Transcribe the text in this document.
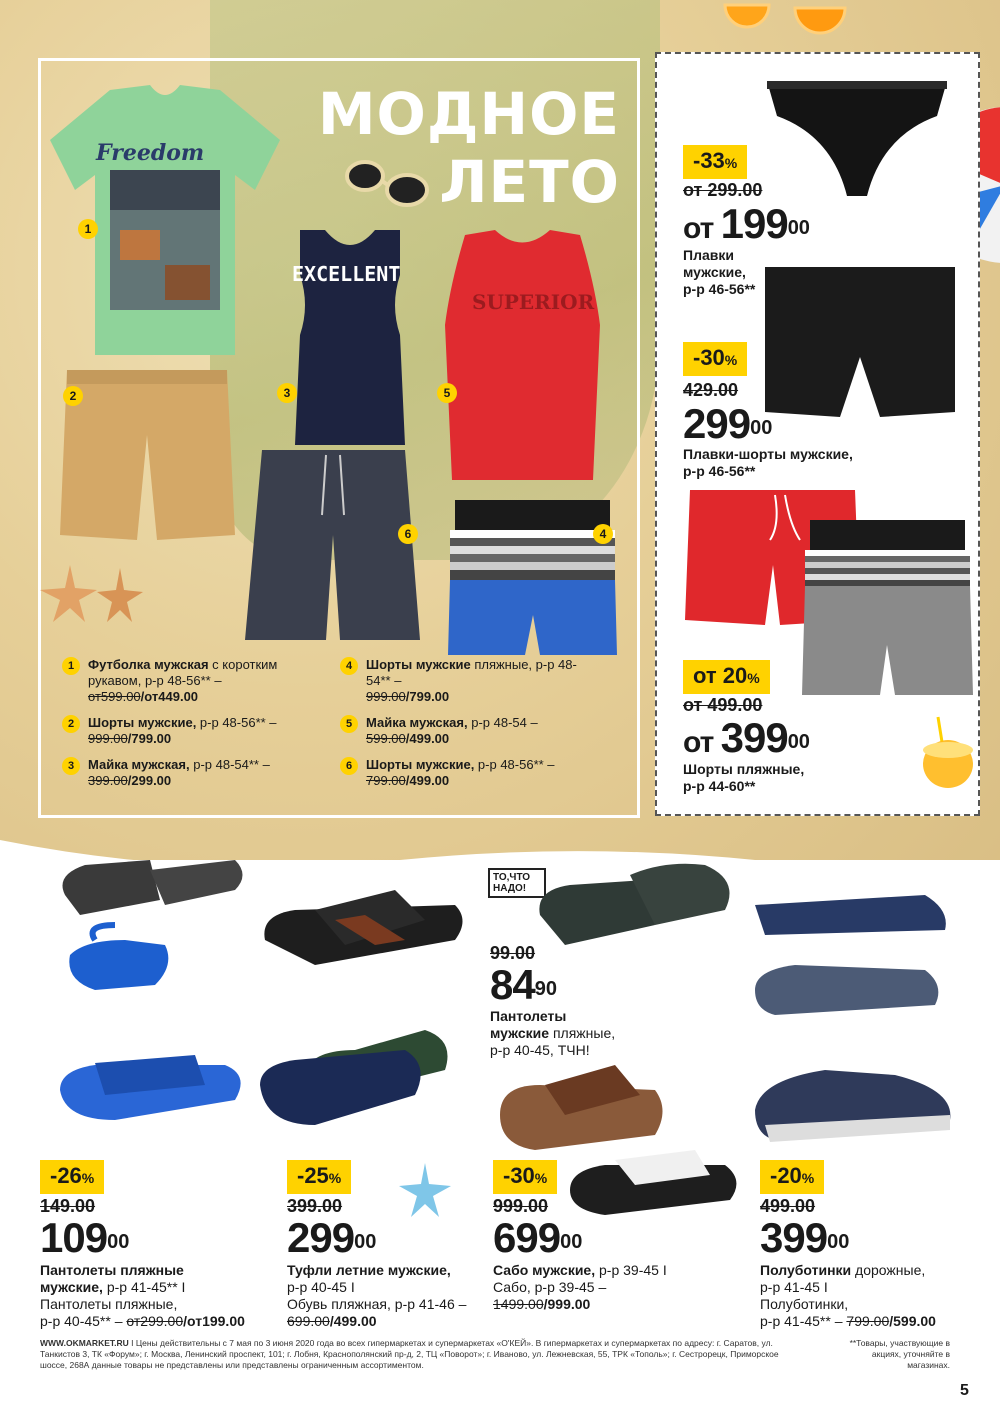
МОДНОЕ
ЛЕТО
Freedom
EXCELLENT
SUPERIOR
1
2	3
4
5
6
1	Футболка мужская с коротким рукавом, р-р 48-56** –
от599.00/от449.00
2	Шорты мужские, р-р 48-56** –
999.00/799.00
3	Майка мужская, р-р 48-54** –
399.00/299.00
4	Шорты мужские пляжные, р-р 48-54** –
999.00/799.00
5	Майка мужская, р-р 48-54 –
599.00/499.00
6	Шорты мужские, р-р 48-56** –
799.00/499.00
-33%
от 299.00
от $199^{00}$
Плавки
мужские,
р-р 46-56**
-30%
429.00
$299^{00}$
Плавки-шорты мужские,
р-р 46-56**
от 20%
от 499.00
от $399^{00}$
Шорты пляжные,
р-р 44-60**
ТО,ЧТО
НАДО!
99.00
$84^{90}$
Пантолеты
мужские пляжные,
р-р 40-45, ТЧН!
-26%
149.00
$109^{00}$
Пантолеты пляжные
мужские, р-р 41-45** І
Пантолеты пляжные,
р-р 40-45** – от299.00/от199.00
-25%
399.00
$299^{00}$
Туфли летние мужские,
р-р 40-45 І
Обувь пляжная, р-р 41-46 –
699.00/499.00
-30%
999.00
$699^{00}$
Сабо мужские, р-р 39-45 І
Сабо, р-р 39-45 –
1499.00/999.00
-20%
499.00
$399^{00}$
Полуботинки дорожные,
р-р 41-45 І
Полуботинки,
р-р 41-45** – 799.00/599.00
WWW.OKMARKET.RU І Цены действительны с 7 мая по 3 июня 2020 года во всех гипермаркетах и супермаркетах «О'КЕЙ». В гипермаркетах и супермаркетах по адресу: г. Саратов, ул. Танкистов 3, ТК «Форум»; г. Москва, Ленинский проспект, 101; г. Лобня, Краснополянский пр-д, 2, ТЦ «Поворот»; г. Иваново, ул. Лежневская, 55, ТРК «Тополь»; г. Сестрорецк, Приморское шоссе, 268А данные товары не представлены или представлены ограниченным ассортиментом.
**Товары, участвующие в акциях, уточняйте в магазинах.
5
